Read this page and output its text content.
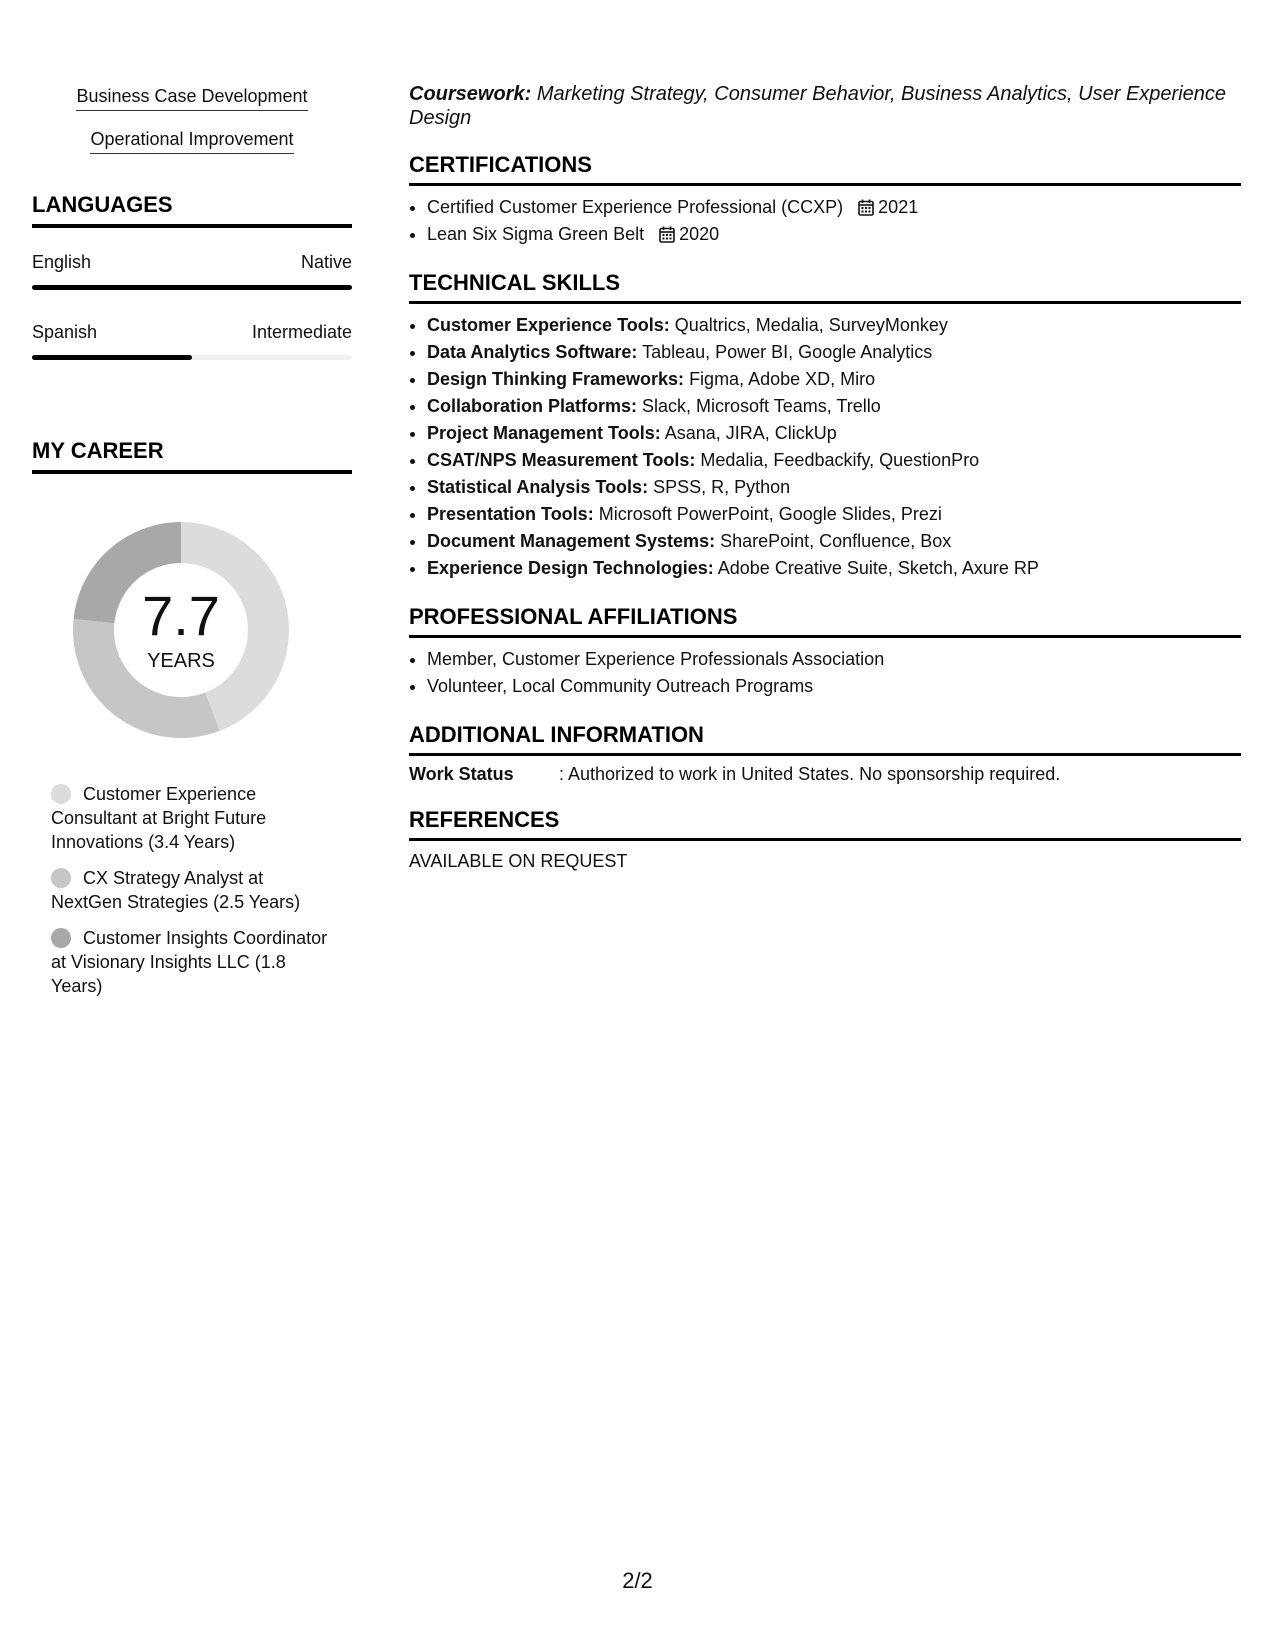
Business Case Development
Operational Improvement
LANGUAGES
English	Native
Spanish	Intermediate
MY CAREER
7.7
YEARS
Customer Experience Consultant at Bright Future Innovations (3.4 Years)
CX Strategy Analyst at NextGen Strategies (2.5 Years)
Customer Insights Coordinator at Visionary Insights LLC (1.8 Years)
Coursework: Marketing Strategy, Consumer Behavior, Business Analytics, User Experience Design
CERTIFICATIONS
• Certified Customer Experience Professional (CCXP) 2021
• Lean Six Sigma Green Belt 2020
TECHNICAL SKILLS
• Customer Experience Tools: Qualtrics, Medalia, SurveyMonkey
• Data Analytics Software: Tableau, Power BI, Google Analytics
• Design Thinking Frameworks: Figma, Adobe XD, Miro
• Collaboration Platforms: Slack, Microsoft Teams, Trello
• Project Management Tools: Asana, JIRA, ClickUp
• CSAT/NPS Measurement Tools: Medalia, Feedbackify, QuestionPro
• Statistical Analysis Tools: SPSS, R, Python
• Presentation Tools: Microsoft PowerPoint, Google Slides, Prezi
• Document Management Systems: SharePoint, Confluence, Box
• Experience Design Technologies: Adobe Creative Suite, Sketch, Axure RP
PROFESSIONAL AFFILIATIONS
• Member, Customer Experience Professionals Association
• Volunteer, Local Community Outreach Programs
ADDITIONAL INFORMATION
Work Status	: Authorized to work in United States. No sponsorship required.
REFERENCES
AVAILABLE ON REQUEST
2/2
